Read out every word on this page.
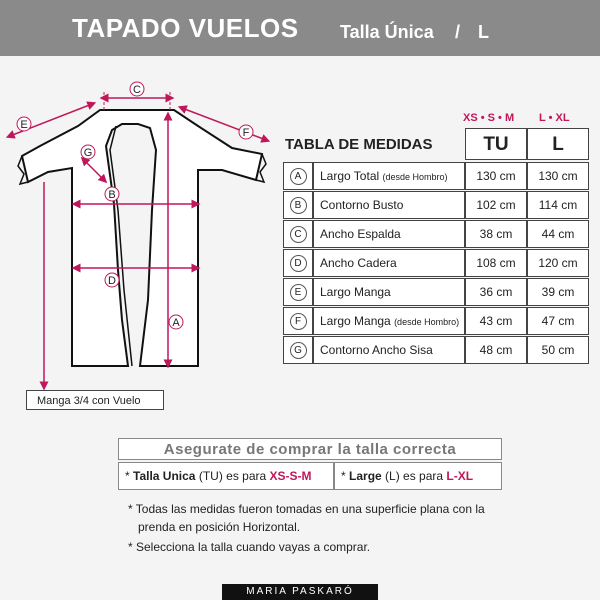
TAPADO VUELOS Talla Única / L
C
E
F
G
B
D
A
Manga 3/4 con Vuelo
XS • S • M L • XL
TABLA DE MEDIDAS	TU	L
A	Largo Total (desde Hombro)	130 cm	130 cm
B	Contorno Busto	102 cm	114 cm
C	Ancho Espalda	38 cm	44 cm
D	Ancho Cadera	108 cm	120 cm
E	Largo Manga	36 cm	39 cm
F	Largo Manga (desde Hombro)	43 cm	47 cm
G	Contorno Ancho Sisa	48 cm	50 cm
Asegurate de comprar la talla correcta
* Talla Unica (TU) es para XS-S-M	* Large (L) es para L-XL
* Todas las medidas fueron tomadas en una superficie plana con la
prenda en posición Horizontal.
* Selecciona la talla cuando vayas a comprar.
MARIA PASKARÓ
